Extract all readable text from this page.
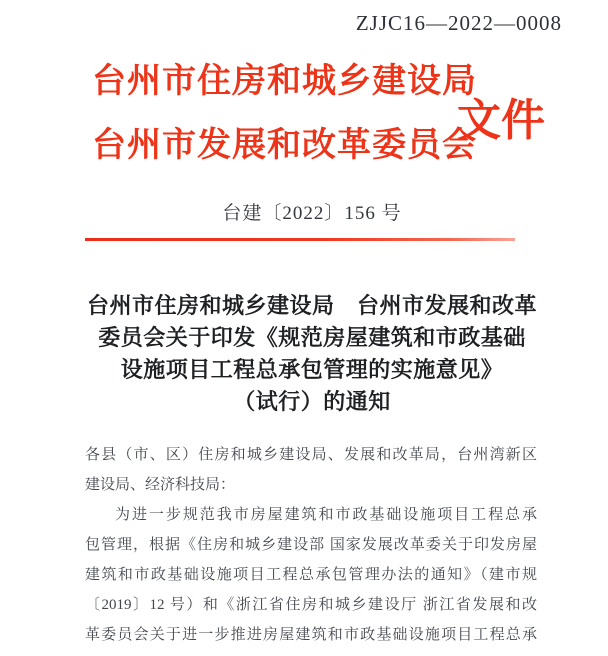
ZJJC16—2022—0008
台州市住房和城乡建设局
台州市发展和改革委员会
文件
台建〔2022〕156 号
台州市住房和城乡建设局　台州市发展和改革
委员会关于印发《规范房屋建筑和市政基础
设施项目工程总承包管理的实施意见》
（试行）的通知
各县（市、区）住房和城乡建设局、发展和改革局，台州湾新区
建设局、经济科技局：
为进一步规范我市房屋建筑和市政基础设施项目工程总承
包管理，根据《住房和城乡建设部 国家发展改革委关于印发房屋
建筑和市政基础设施项目工程总承包管理办法的通知》（建市规
〔2019〕12 号）和《浙江省住房和城乡建设厅 浙江省发展和改
革委员会关于进一步推进房屋建筑和市政基础设施项目工程总承
